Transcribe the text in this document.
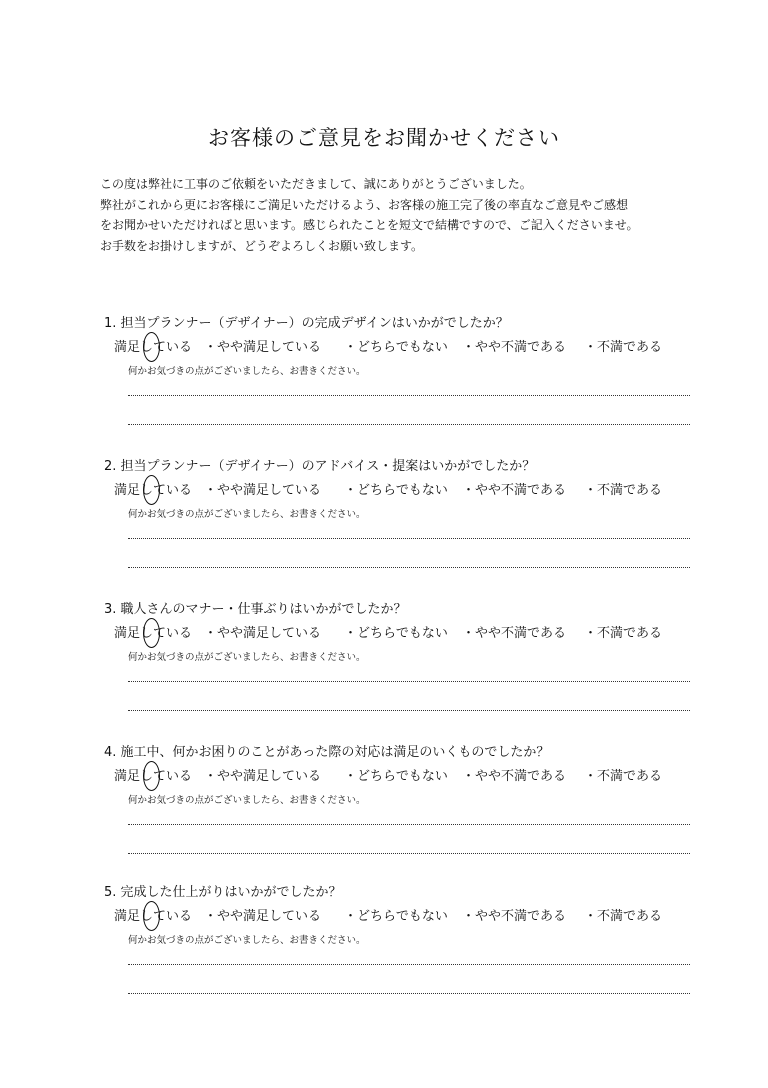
お客様のご意見をお聞かせください
この度は弊社に工事のご依頼をいただきまして、誠にありがとうございました。
弊社がこれから更にお客様にご満足いただけるよう、お客様の施工完了後の率直なご意見やご感想
をお聞かせいただければと思います。感じられたことを短文で結構ですので、ご記入くださいませ。
お手数をお掛けしますが、どうぞよろしくお願い致します。
1. 担当プランナー（デザイナー）の完成デザインはいかがでしたか？
満足している ・やや満足している ・どちらでもない ・やや不満である ・不満である
何かお気づきの点がございましたら、お書きください。
2. 担当プランナー（デザイナー）のアドバイス・提案はいかがでしたか？
満足している ・やや満足している ・どちらでもない ・やや不満である ・不満である
何かお気づきの点がございましたら、お書きください。
3. 職人さんのマナー・仕事ぶりはいかがでしたか？
満足している ・やや満足している ・どちらでもない ・やや不満である ・不満である
何かお気づきの点がございましたら、お書きください。
4. 施工中、何かお困りのことがあった際の対応は満足のいくものでしたか？
満足している ・やや満足している ・どちらでもない ・やや不満である ・不満である
何かお気づきの点がございましたら、お書きください。
5. 完成した仕上がりはいかがでしたか？
満足している ・やや満足している ・どちらでもない ・やや不満である ・不満である
何かお気づきの点がございましたら、お書きください。
